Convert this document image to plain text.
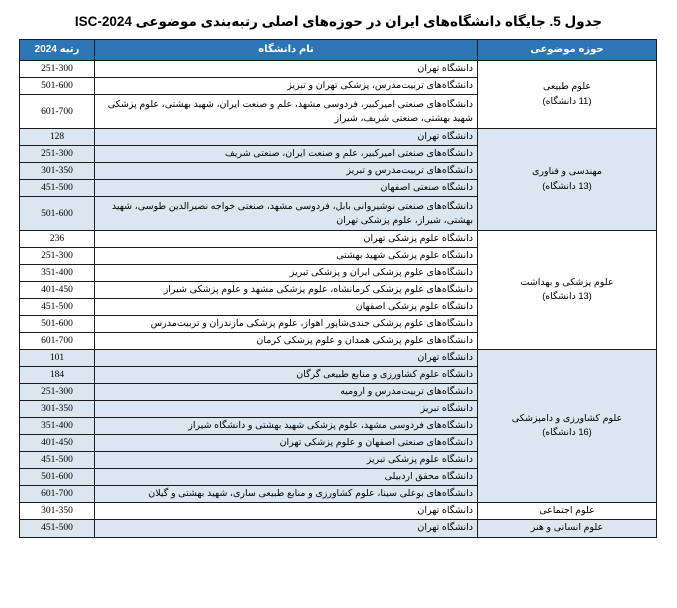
جدول 5. جایگاه دانشگاه‌های ایران در حوزه‌های اصلی رتبه‌بندی موضوعی ISC-2024
حوزه موضوعی	نام دانشگاه	رتبه 2024

علوم طبیعی
(11 دانشگاه)	دانشگاه تهران	251-300
	دانشگاه‌های تربیت‌مدرس، پزشکی تهران و تبریز	501-600
	دانشگاه‌های صنعتی امیرکبیر، فردوسی مشهد، علم و صنعت ایران، شهید بهشتی، علوم پزشکی شهید بهشتی، صنعتی شریف، شیراز	601-700

مهندسی و فناوری
(13 دانشگاه)	دانشگاه تهران	128
	دانشگاه‌های صنعتی امیرکبیر، علم و صنعت ایران، صنعتی شریف	251-300
	دانشگاه‌های تربیت‌مدرس و تبریز	301-350
	دانشگاه صنعتی اصفهان	451-500
	دانشگاه‌های صنعتی نوشیروانی بابل، فردوسی مشهد، صنعتی خواجه نصیرالدین طوسی، شهید بهشتی، شیراز، علوم پزشکی تهران	501-600

علوم پزشکی و بهداشت
(13 دانشگاه)	دانشگاه علوم پزشکی تهران	236
	دانشگاه علوم پزشکی شهید بهشتی	251-300
	دانشگاه‌های علوم پزشکی ایران و پزشکی تبریز	351-400
	دانشگاه‌های علوم پزشکی کرمانشاه، علوم پزشکی مشهد و علوم پزشکی شیراز	401-450
	دانشگاه علوم پزشکی اصفهان	451-500
	دانشگاه‌های علوم پزشکی جندی‌شاپور اهواز، علوم پزشکی مازندران و تربیت‌مدرس	501-600
	دانشگاه‌های علوم پزشکی همدان و علوم پزشکی کرمان	601-700

علوم کشاورزی و دامپزشکی
(16 دانشگاه)	دانشگاه تهران	101
	دانشگاه علوم کشاورزی و منابع طبیعی گرگان	184
	دانشگاه‌های تربیت‌مدرس و ارومیه	251-300
	دانشگاه تبریز	301-350
	دانشگاه‌های فردوسی مشهد، علوم پزشکی شهید بهشتی و دانشگاه شیراز	351-400
	دانشگاه‌های صنعتی اصفهان و علوم پزشکی تهران	401-450
	دانشگاه علوم پزشکی تبریز	451-500
	دانشگاه محقق اردبیلی	501-600
	دانشگاه‌های بوعلی سینا، علوم کشاورزی و منابع طبیعی ساری، شهید بهشتی و گیلان	601-700

علوم اجتماعی	دانشگاه تهران	301-350

علوم انسانی و هنر	دانشگاه تهران	451-500
